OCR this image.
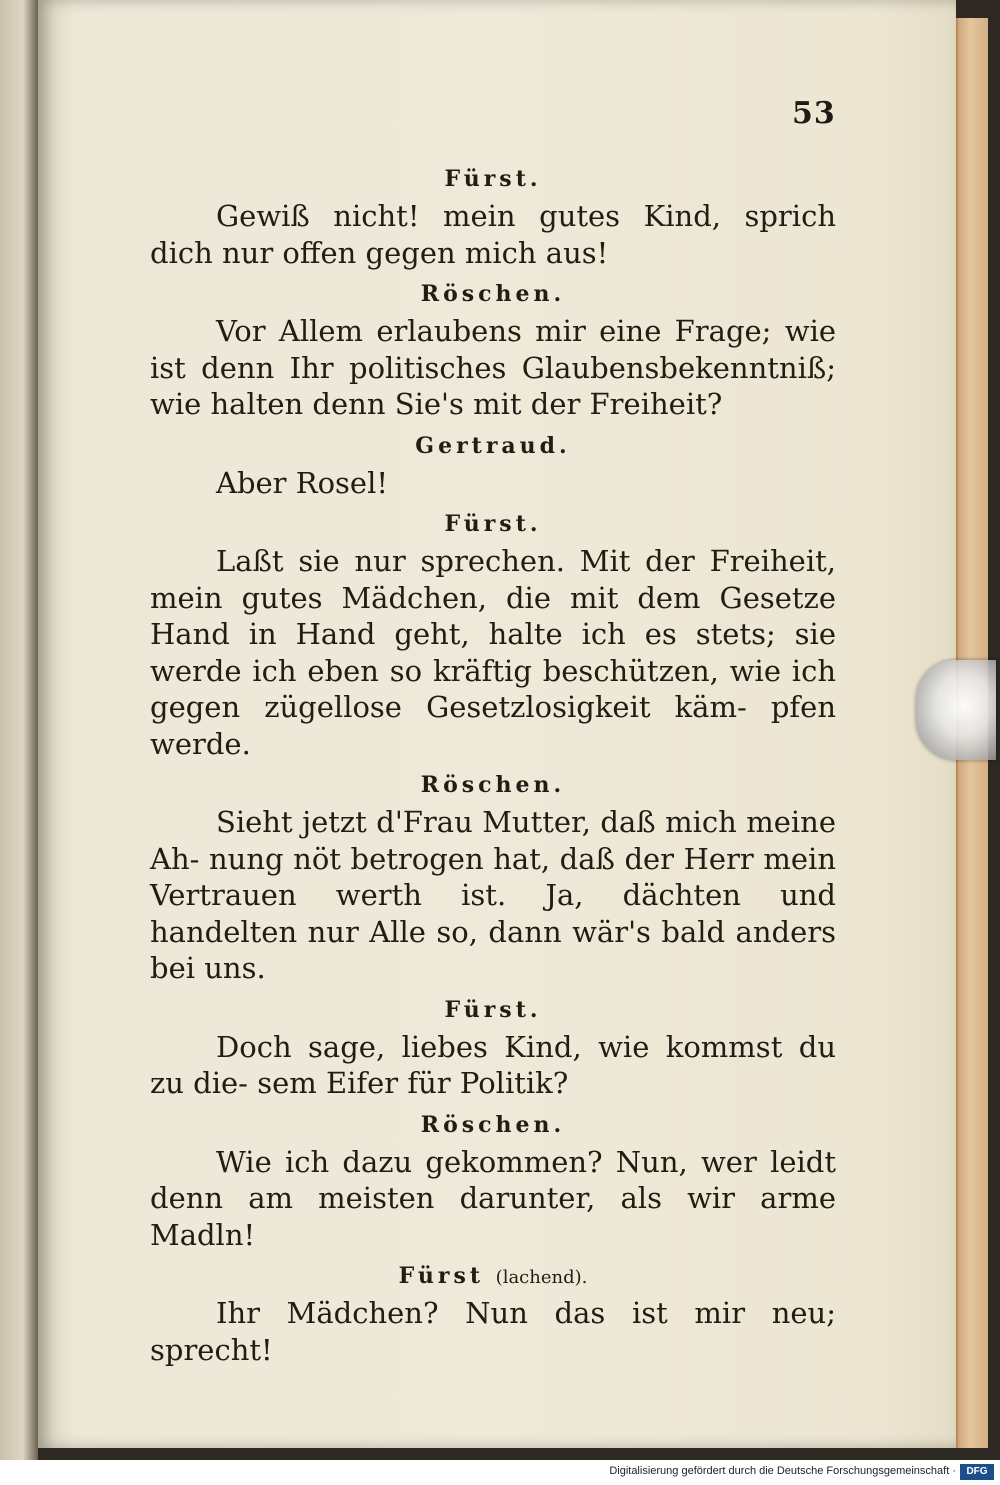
53
Fürst.
Gewiß nicht! mein gutes Kind, sprich dich nur offen gegen mich aus!
Röschen.
Vor Allem erlaubens mir eine Frage; wie ist denn Ihr politisches Glaubensbekenntniß; wie halten denn Sie's mit der Freiheit?
Gertraud.
Aber Rosel!
Fürst.
Laßt sie nur sprechen. Mit der Freiheit, mein gutes Mädchen, die mit dem Gesetze Hand in Hand geht, halte ich es stets; sie werde ich eben so kräftig beschützen, wie ich gegen zügellose Gesetzlosigkeit käm- pfen werde.
Röschen.
Sieht jetzt d'Frau Mutter, daß mich meine Ah- nung nöt betrogen hat, daß der Herr mein Vertrauen werth ist. Ja, dächten und handelten nur Alle so, dann wär's bald anders bei uns.
Fürst.
Doch sage, liebes Kind, wie kommst du zu die- sem Eifer für Politik?
Röschen.
Wie ich dazu gekommen? Nun, wer leidt denn am meisten darunter, als wir arme Madln!
Fürst (lachend).
Ihr Mädchen? Nun das ist mir neu; sprecht!
Digitalisierung gefördert durch die Deutsche Forschungsgemeinschaft ·	DFG
